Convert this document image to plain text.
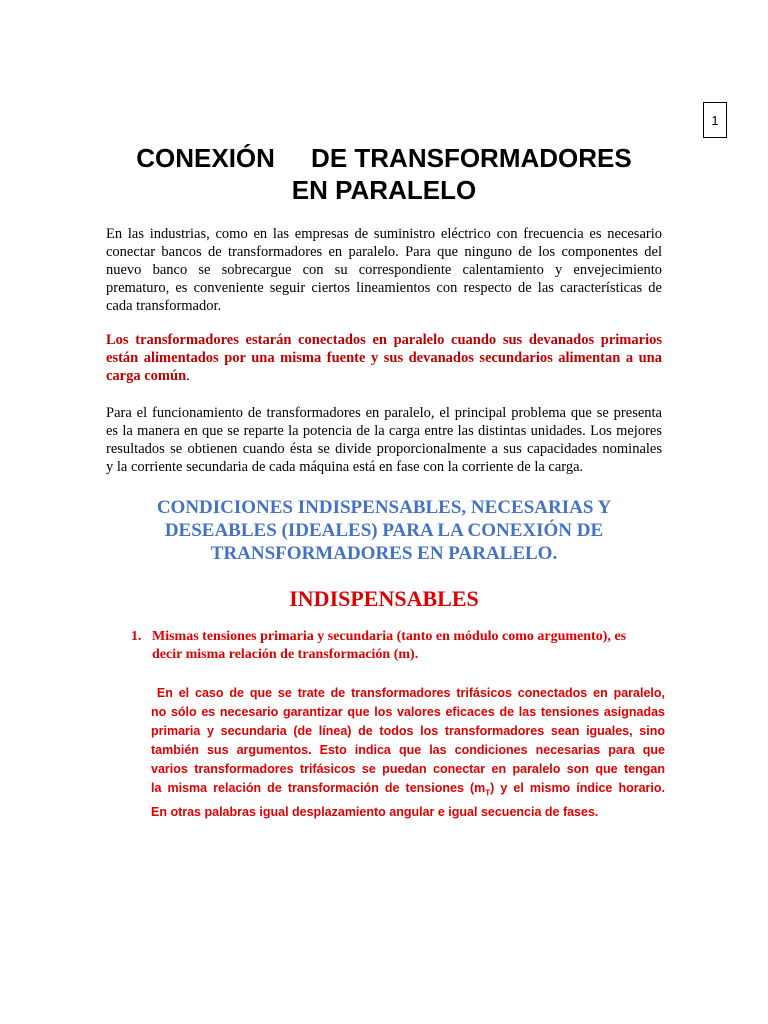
1
CONEXIÓN     DE TRANSFORMADORES
EN PARALELO

En las industrias, como en las empresas de suministro eléctrico con frecuencia es necesario
conectar bancos de transformadores en paralelo. Para que ninguno de los componentes del
nuevo banco se sobrecargue con su correspondiente calentamiento y envejecimiento
prematuro, es conveniente seguir ciertos lineamientos con respecto de las características de
cada transformador.

Los transformadores estarán conectados en paralelo cuando sus devanados primarios
están alimentados por una misma fuente y sus devanados secundarios alimentan a una
carga común.

Para el funcionamiento de transformadores en paralelo, el principal problema que se presenta
es la manera en que se reparte la potencia de la carga entre las distintas unidades. Los mejores
resultados se obtienen cuando ésta se divide proporcionalmente a sus capacidades nominales
y la corriente secundaria de cada máquina está en fase con la corriente de la carga.

CONDICIONES INDISPENSABLES, NECESARIAS Y
DESEABLES (IDEALES) PARA LA CONEXIÓN DE
TRANSFORMADORES EN PARALELO.
INDISPENSABLES
1. Mismas tensiones primaria y secundaria (tanto en módulo como argumento), es
decir misma relación de transformación (m).

En el caso de que se trate de transformadores trifásicos conectados en paralelo,
no sólo es necesario garantizar que los valores eficaces de las tensiones asignadas
primaria y secundaria (de línea) de todos los transformadores sean iguales, sino
también sus argumentos. Esto indica que las condiciones necesarias para que
varios transformadores trifásicos se puedan conectar en paralelo son que tengan
la misma relación de transformación de tensiones $(m_T)$ y el mismo índice horario.
En otras palabras igual desplazamiento angular e igual secuencia de fases.
